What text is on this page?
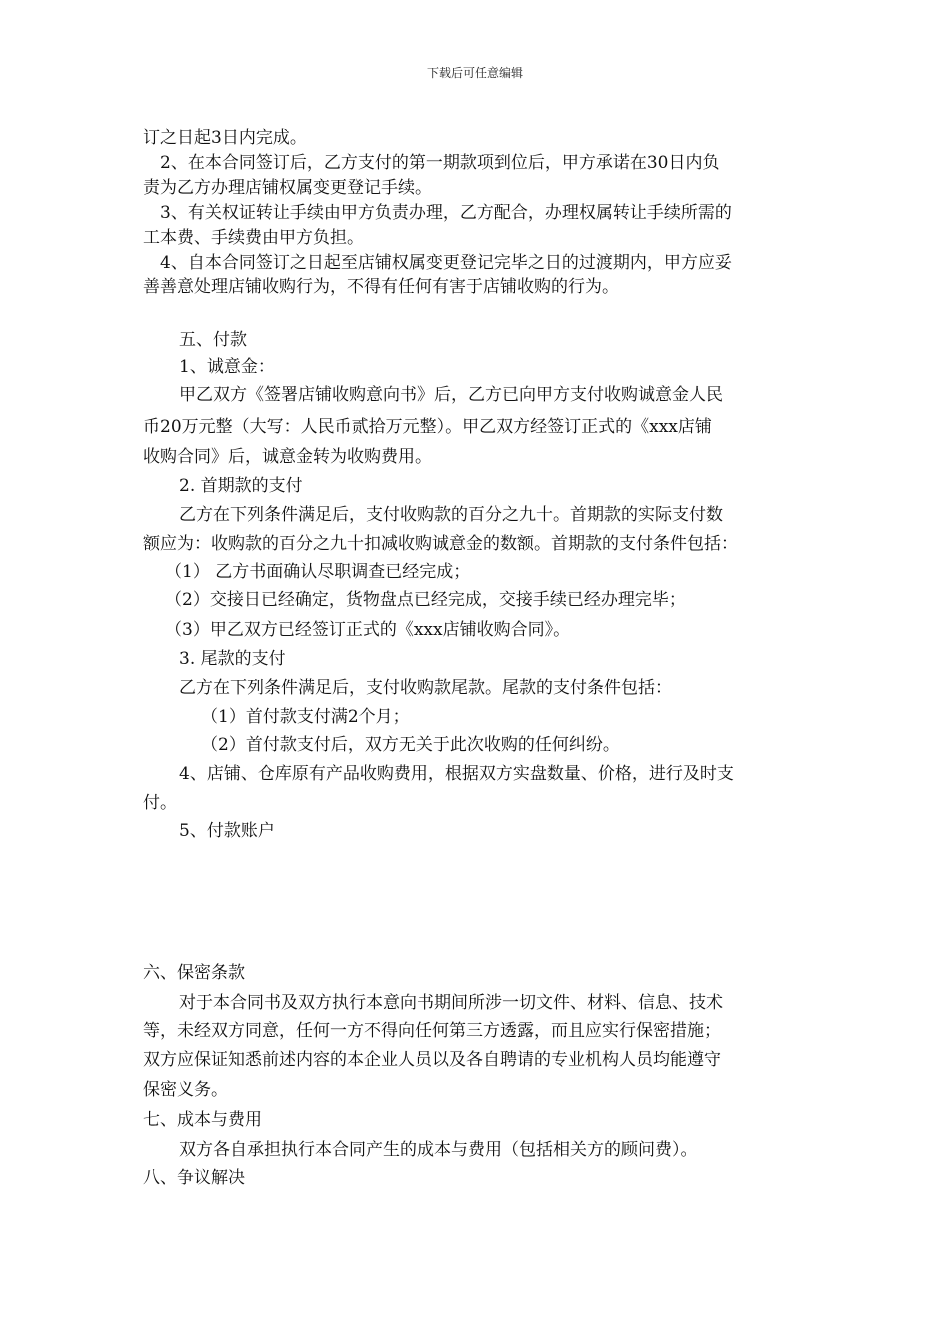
下载后可任意编辑
订之日起3日内完成。
2、在本合同签订后，乙方支付的第一期款项到位后，甲方承诺在30日内负
责为乙方办理店铺权属变更登记手续。
3、有关权证转让手续由甲方负责办理，乙方配合，办理权属转让手续所需的
工本费、手续费由甲方负担。
4、自本合同签订之日起至店铺权属变更登记完毕之日的过渡期内，甲方应妥
善善意处理店铺收购行为，不得有任何有害于店铺收购的行为。
五、付款
1、诚意金：
甲乙双方《签署店铺收购意向书》后，乙方已向甲方支付收购诚意金人民
币20万元整（大写：人民币贰拾万元整）。甲乙双方经签订正式的《xxx店铺
收购合同》后，诚意金转为收购费用。
2. 首期款的支付
乙方在下列条件满足后，支付收购款的百分之九十。首期款的实际支付数
额应为：收购款的百分之九十扣减收购诚意金的数额。首期款的支付条件包括：
（1） 乙方书面确认尽职调查已经完成；
（2）交接日已经确定，货物盘点已经完成，交接手续已经办理完毕；
（3）甲乙双方已经签订正式的《xxx店铺收购合同》。
3. 尾款的支付
乙方在下列条件满足后，支付收购款尾款。尾款的支付条件包括：
（1）首付款支付满2个月；
（2）首付款支付后，双方无关于此次收购的任何纠纷。
4、店铺、仓库原有产品收购费用，根据双方实盘数量、价格，进行及时支
付。
5、付款账户
六、保密条款
对于本合同书及双方执行本意向书期间所涉一切文件、材料、信息、技术
等，未经双方同意，任何一方不得向任何第三方透露，而且应实行保密措施；
双方应保证知悉前述内容的本企业人员以及各自聘请的专业机构人员均能遵守
保密义务。
七、成本与费用
双方各自承担执行本合同产生的成本与费用（包括相关方的顾问费）。
八、争议解决
